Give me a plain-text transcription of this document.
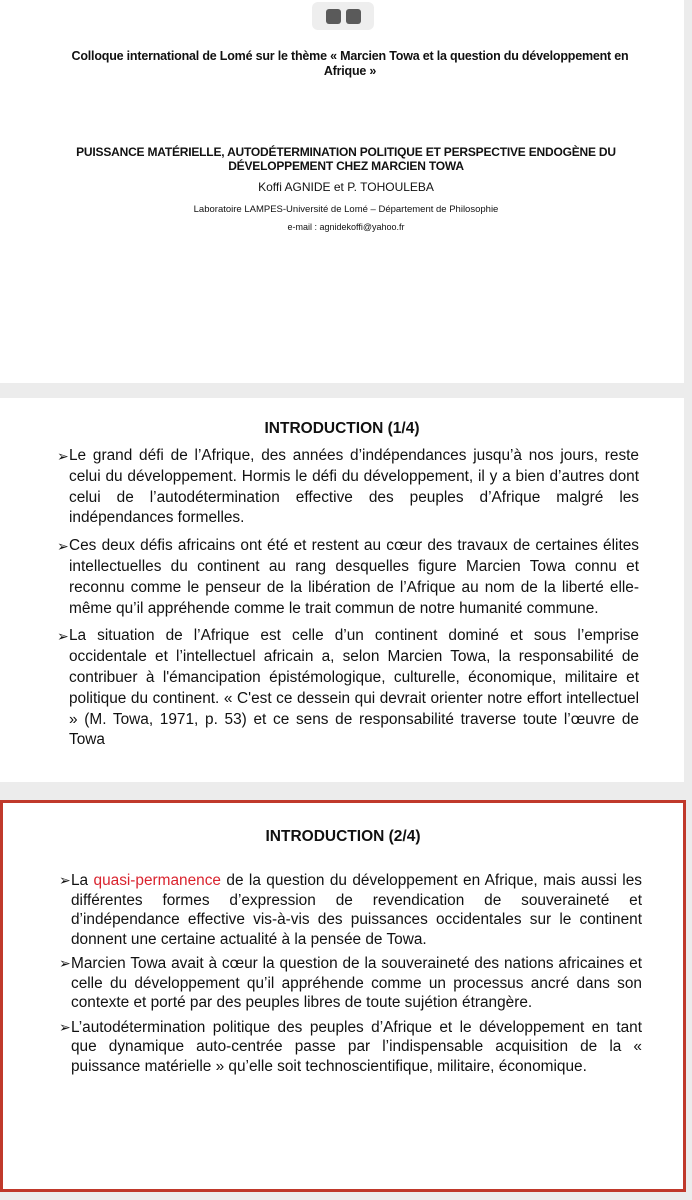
Colloque international de Lomé sur le thème « Marcien Towa et la question du développement en Afrique »
PUISSANCE MATÉRIELLE, AUTODÉTERMINATION POLITIQUE ET PERSPECTIVE ENDOGÈNE DU DÉVELOPPEMENT CHEZ MARCIEN TOWA
Koffi AGNIDE et P. TOHOULEBA
Laboratoire LAMPES-Université de Lomé – Département de Philosophie
e-mail : agnidekoffi@yahoo.fr
INTRODUCTION (1/4)
➢ Le grand défi de l’Afrique, des années d’indépendances jusqu’à nos jours, reste celui du développement. Hormis le défi du développement, il y a bien d’autres dont celui de l’autodétermination effective des peuples d’Afrique malgré les indépendances formelles.
➢ Ces deux défis africains ont été et restent au cœur des travaux de certaines élites intellectuelles du continent au rang desquelles figure Marcien Towa connu et reconnu comme le penseur de la libération de l’Afrique au nom de la liberté elle-même qu’il appréhende comme le trait commun de notre humanité commune.
➢ La situation de l’Afrique est celle d’un continent dominé et sous l’emprise occidentale et l’intellectuel africain a, selon Marcien Towa, la responsabilité de contribuer à l'émancipation épistémologique, culturelle, économique, militaire et politique du continent. « C'est ce dessein qui devrait orienter notre effort intellectuel » (M. Towa, 1971, p. 53) et ce sens de responsabilité traverse toute l’œuvre de Towa
INTRODUCTION (2/4)
➢ La quasi-permanence de la question du développement en Afrique, mais aussi les différentes formes d’expression de revendication de souveraineté et d’indépendance effective vis-à-vis des puissances occidentales sur le continent donnent une certaine actualité à la pensée de Towa.
➢ Marcien Towa avait à cœur la question de la souveraineté des nations africaines et celle du développement qu’il appréhende comme un processus ancré dans son contexte et porté par des peuples libres de toute sujétion étrangère.
➢ L’autodétermination politique des peuples d’Afrique et le développement en tant que dynamique auto-centrée passe par l’indispensable acquisition de la « puissance matérielle » qu’elle soit technoscientifique, militaire, économique.
